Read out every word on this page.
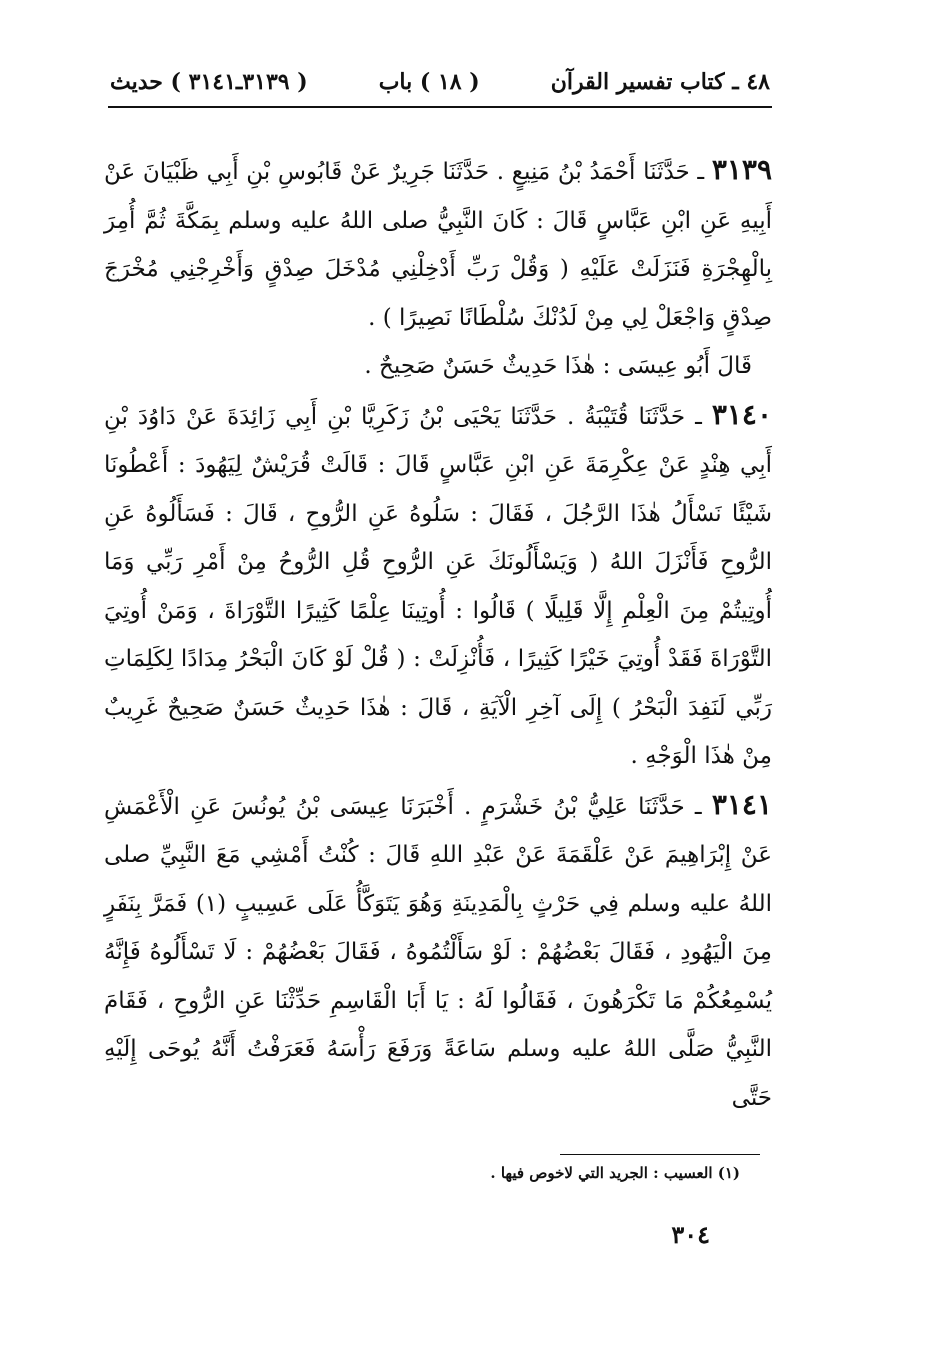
٤٨ ـ كتاب تفسير القرآن
( ١٨ ) باب
( ٣١٣٩ـ٣١٤١ ) حديث

٣١٣٩ ـ حَدَّثَنَا أَحْمَدُ بْنُ مَنِيعٍ . حَدَّثَنَا جَرِيرٌ عَنْ قَابُوسِ بْنِ أَبِي ظَبْيَانَ عَنْ أَبِيهِ عَنِ ابْنِ عَبَّاسٍ قَالَ : كَانَ النَّبِيُّ صلى اللهُ عليه وسلم بِمَكَّةَ ثُمَّ أُمِرَ بِالْهِجْرَةِ فَنَزَلَتْ عَلَيْهِ ( وَقُلْ رَبِّ أَدْخِلْنِي مُدْخَلَ صِدْقٍ وَأَخْرِجْنِي مُخْرَجَ صِدْقٍ وَاجْعَلْ لِي مِنْ لَدُنْكَ سُلْطَانًا نَصِيرًا ) .

قَالَ أَبُو عِيسَى : هٰذَا حَدِيثٌ حَسَنٌ صَحِيحٌ .

٣١٤٠ ـ حَدَّثَنَا قُتَيْبَةُ . حَدَّثَنَا يَحْيَى بْنُ زَكَرِيَّا بْنِ أَبِي زَائِدَةَ عَنْ دَاوُدَ بْنِ أَبِي هِنْدٍ عَنْ عِكْرِمَةَ عَنِ ابْنِ عَبَّاسٍ قَالَ : قَالَتْ قُرَيْشٌ لِيَهُودَ : أَعْطُونَا شَيْئًا نَسْأَلُ هٰذَا الرَّجُلَ ، فَقَالَ : سَلُوهُ عَنِ الرُّوحِ ، قَالَ : فَسَأَلُوهُ عَنِ الرُّوحِ فَأَنْزَلَ اللهُ ( وَيَسْأَلُونَكَ عَنِ الرُّوحِ قُلِ الرُّوحُ مِنْ أَمْرِ رَبِّي وَمَا أُوتِيتُمْ مِنَ الْعِلْمِ إِلَّا قَلِيلًا ) قَالُوا : أُوتِينَا عِلْمًا كَثِيرًا التَّوْرَاةَ ، وَمَنْ أُوتِيَ التَّوْرَاةَ فَقَدْ أُوتِيَ خَيْرًا كَثِيرًا ، فَأُنْزِلَتْ : ( قُلْ لَوْ كَانَ الْبَحْرُ مِدَادًا لِكَلِمَاتِ رَبِّي لَنَفِدَ الْبَحْرُ ) إِلَى آخِرِ الْآيَةِ ، قَالَ : هٰذَا حَدِيثٌ حَسَنٌ صَحِيحٌ غَرِيبٌ مِنْ هٰذَا الْوَجْهِ .

٣١٤١ ـ حَدَّثَنَا عَلِيُّ بْنُ خَشْرَمٍ . أَخْبَرَنَا عِيسَى بْنُ يُونُسَ عَنِ الْأَعْمَشِ عَنْ إِبْرَاهِيمَ عَنْ عَلْقَمَةَ عَنْ عَبْدِ اللهِ قَالَ : كُنْتُ أَمْشِي مَعَ النَّبِيِّ صلى اللهُ عليه وسلم فِي حَرْثٍ بِالْمَدِينَةِ وَهُوَ يَتَوَكَّأُ عَلَى عَسِيبٍ (١) فَمَرَّ بِنَفَرٍ مِنَ الْيَهُودِ ، فَقَالَ بَعْضُهُمْ : لَوْ سَأَلْتُمُوهُ ، فَقَالَ بَعْضُهُمْ : لَا تَسْأَلُوهُ فَإِنَّهُ يُسْمِعُكُمْ مَا تَكْرَهُونَ ، فَقَالُوا لَهُ : يَا أَبَا الْقَاسِمِ حَدِّثْنَا عَنِ الرُّوحِ ، فَقَامَ النَّبِيُّ صَلَّى اللهُ عليه وسلم سَاعَةً وَرَفَعَ رَأْسَهُ فَعَرَفْتُ أَنَّهُ يُوحَى إِلَيْهِ حَتَّى

(١) العسيب : الجريد التي لاخوص فيها .
٣٠٤
